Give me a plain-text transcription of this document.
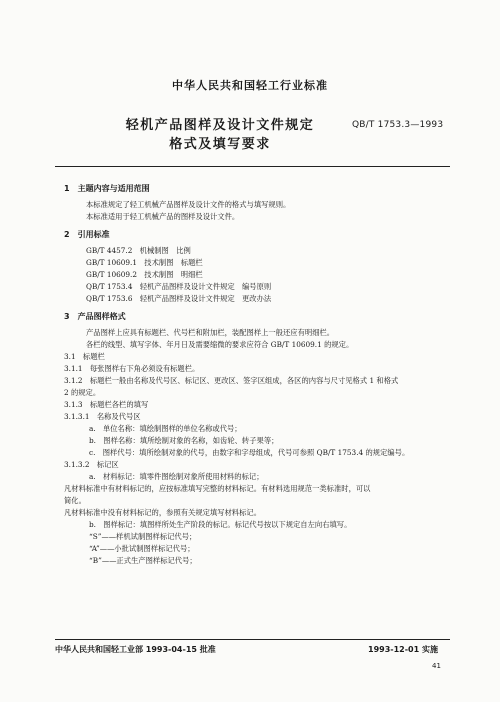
中华人民共和国轻工行业标准
轻机产品图样及设计文件规定
格式及填写要求
QB/T 1753.3—1993
1　主题内容与适用范围
本标准规定了轻工机械产品图样及设计文件的格式与填写规则。
本标准适用于轻工机械产品的图样及设计文件。
2　引用标准
GB/T 4457.2　机械制图　比例
GB/T 10609.1　技术制图　标题栏
GB/T 10609.2　技术制图　明细栏
QB/T 1753.4　轻机产品图样及设计文件规定　编号原则
QB/T 1753.6　轻机产品图样及设计文件规定　更改办法
3　产品图样格式
产品图样上应具有标题栏、代号栏和附加栏，装配图样上一般还应有明细栏。
各栏的线型、填写字体、年月日及需要缩微的要求应符合 GB/T 10609.1 的规定。
3.1　标题栏
3.1.1　每张图样右下角必须设有标题栏。
3.1.2　标题栏一般由名称及代号区、标记区、更改区、签字区组成，各区的内容与尺寸见格式 1 和格式
2 的规定。
3.1.3　标题栏各栏的填写
3.1.3.1　名称及代号区
a.　单位名称：填绘制图样的单位名称或代号；
b.　图样名称：填所绘制对象的名称，如齿轮、转子果等；
c.　图样代号：填所绘制对象的代号，由数字和字母组成，代号可参照 QB/T 1753.4 的规定编号。
3.1.3.2　标记区
a.　材料标记：填零件图绘制对象所使用材料的标记；
凡材料标准中有材料标记的，应按标准填写完整的材料标记。有材料选用规范一类标准时，可以
简化。
凡材料标准中没有材料标记的，参照有关规定填写材料标记。
b.　图样标记：填图样所处生产阶段的标记。标记代号按以下规定自左向右填写。
“S”——样机试制图样标记代号；
“A”——小批试制图样标记代号；
“B”——正式生产图样标记代号；
中华人民共和国轻工业部 1993-04-15 批准	1993-12-01 实施
41
